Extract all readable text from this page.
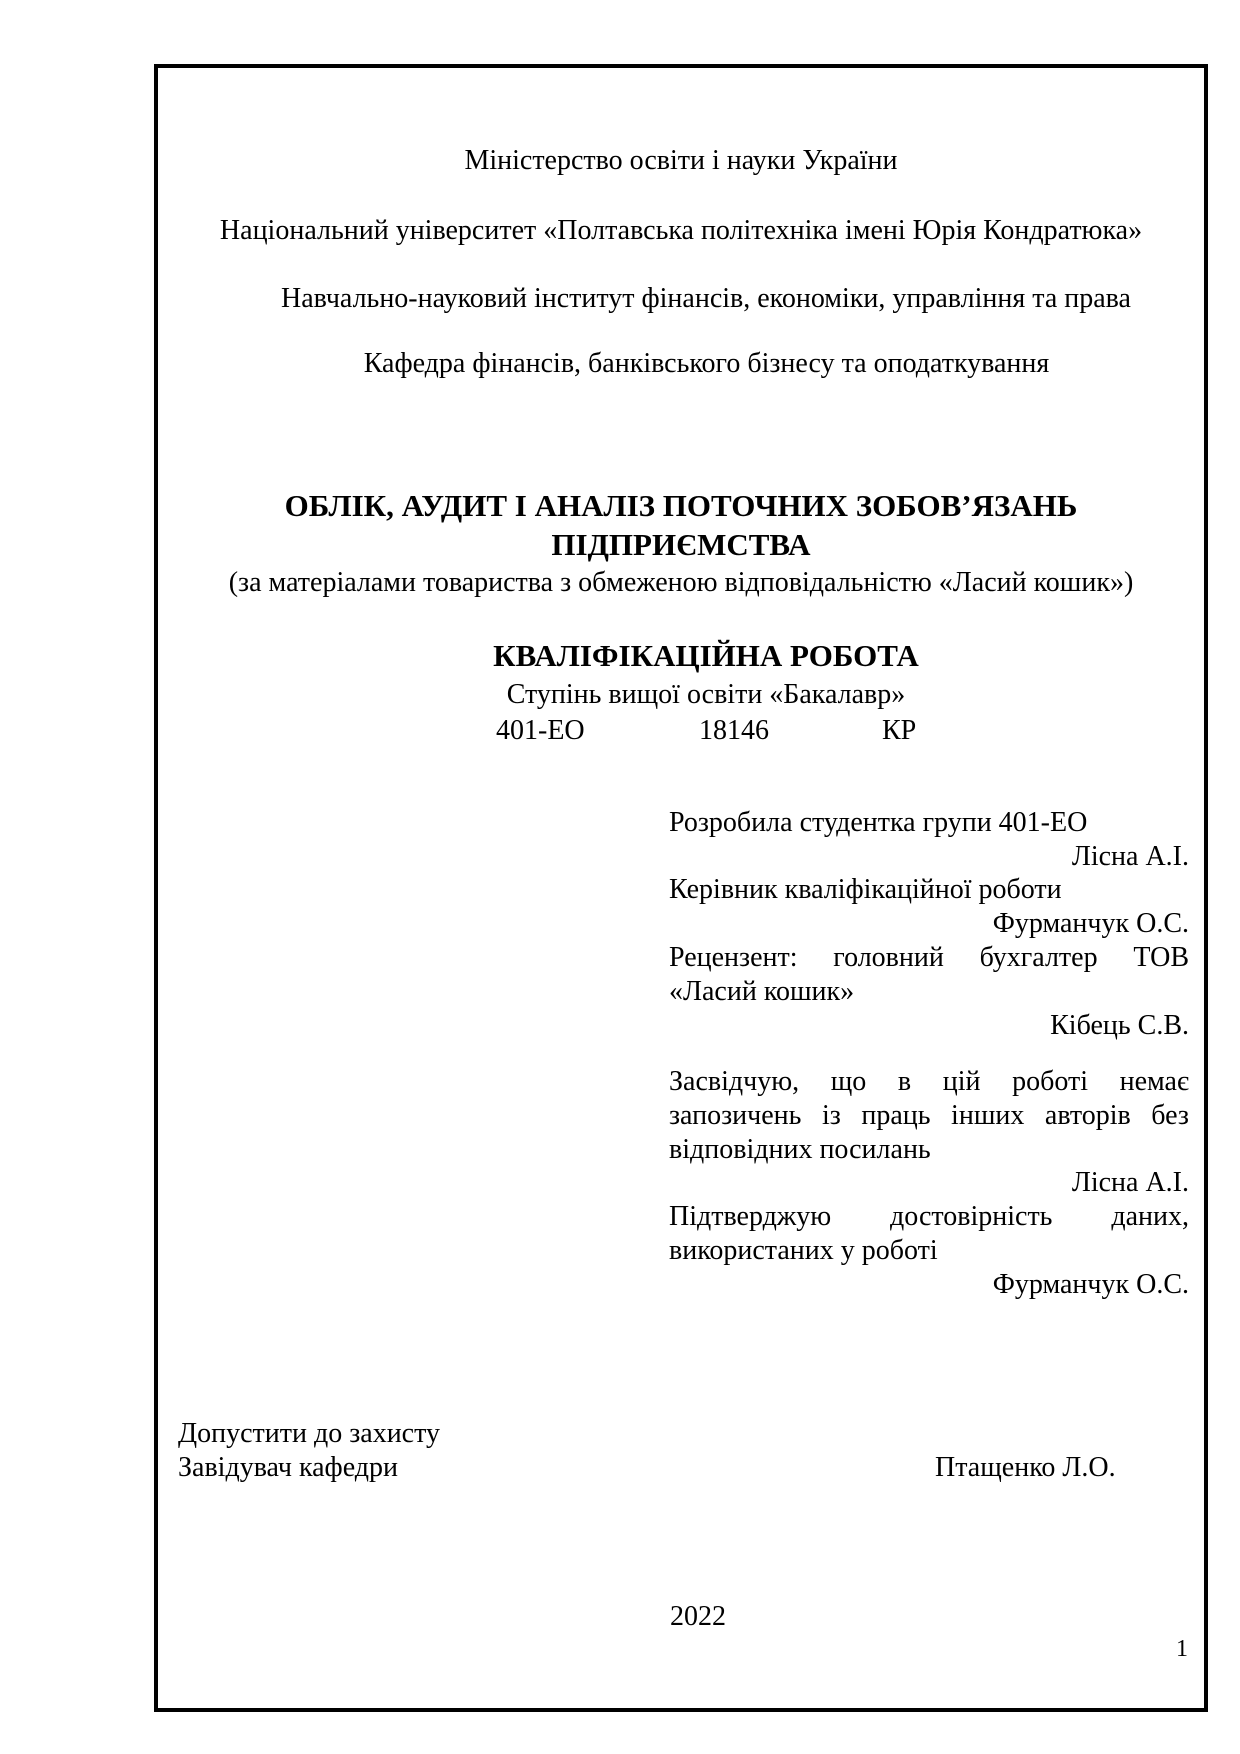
Міністерство освіти і науки України
Національний університет «Полтавська політехніка імені Юрія Кондратюка»
Навчально-науковий інститут фінансів, економіки, управління та права
Кафедра фінансів, банківського бізнесу та оподаткування
ОБЛІК, АУДИТ І АНАЛІЗ ПОТОЧНИХ ЗОБОВ’ЯЗАНЬ
ПІДПРИЄМСТВА
(за матеріалами товариства з обмеженою відповідальністю «Ласий кошик»)
КВАЛІФІКАЦІЙНА РОБОТА
Ступінь вищої освіти «Бакалавр»
401-ЕО	18146	КР
Розробила студентка групи 401-ЕО
Лісна А.І.
Керівник кваліфікаційної роботи
Фурманчук О.С.
Рецензент: головний бухгалтер ТОВ
«Ласий кошик»
Кібець С.В.
Засвідчую, що в цій роботі немає
запозичень із праць інших авторів без
відповідних посилань
Лісна А.І.
Підтверджую достовірність даних,
використаних у роботі
Фурманчук О.С.
Допустити до захисту
Завідувач кафедри	Птащенко Л.О.
2022
1
